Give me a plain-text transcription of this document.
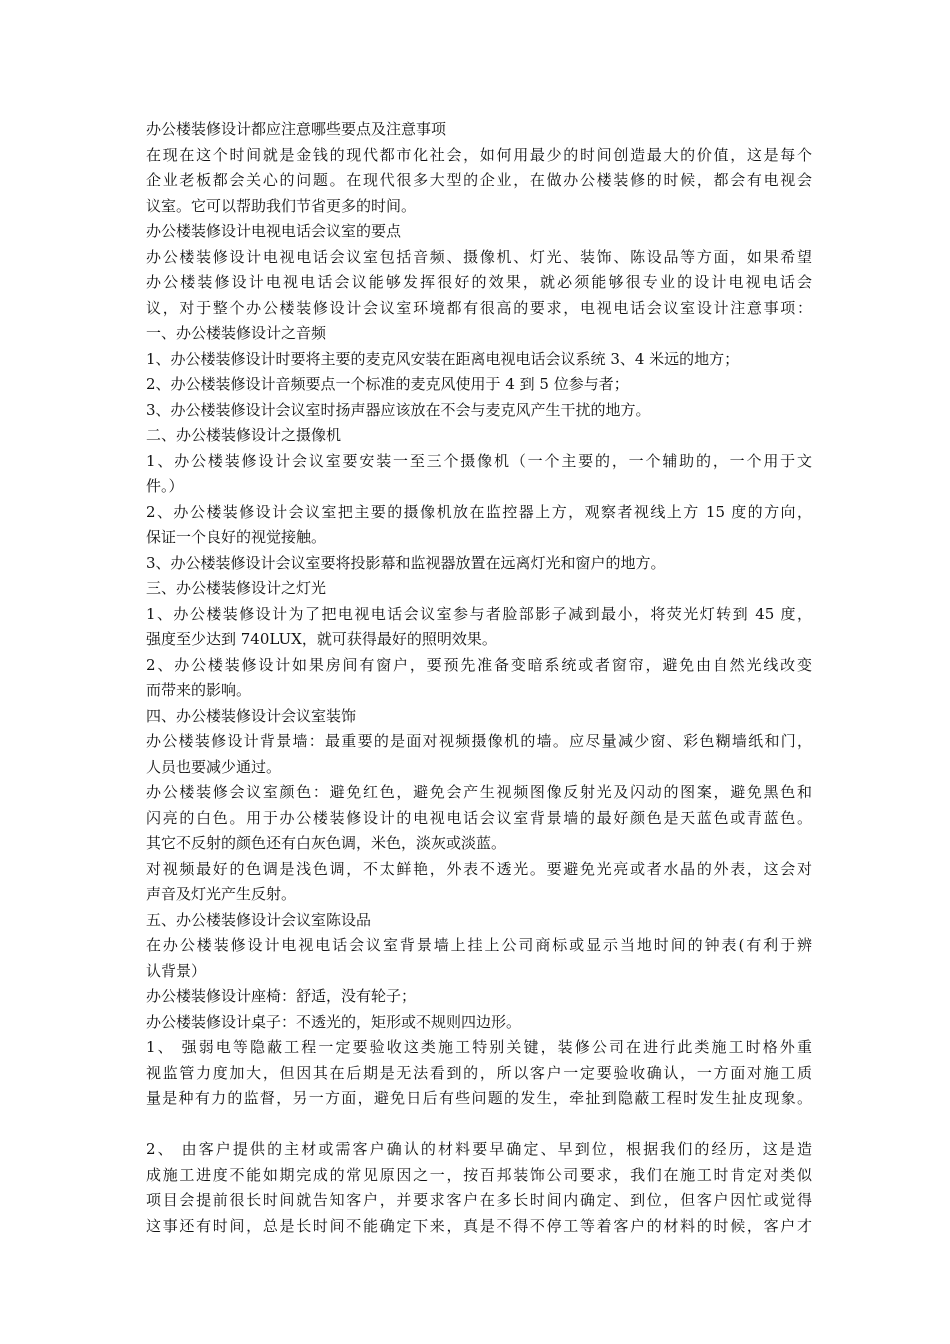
办公楼装修设计都应注意哪些要点及注意事项
在现在这个时间就是金钱的现代都市化社会，如何用最少的时间创造最大的价值，这是每个
企业老板都会关心的问题。在现代很多大型的企业，在做办公楼装修的时候，都会有电视会
议室。它可以帮助我们节省更多的时间。
办公楼装修设计电视电话会议室的要点
办公楼装修设计电视电话会议室包括音频、摄像机、灯光、装饰、陈设品等方面，如果希望
办公楼装修设计电视电话会议能够发挥很好的效果，就必须能够很专业的设计电视电话会
议，对于整个办公楼装修设计会议室环境都有很高的要求，电视电话会议室设计注意事项：
一、办公楼装修设计之音频
1、办公楼装修设计时要将主要的麦克风安装在距离电视电话会议系统 3、4 米远的地方；
2、办公楼装修设计音频要点一个标准的麦克风使用于 4 到 5 位参与者；
3、办公楼装修设计会议室时扬声器应该放在不会与麦克风产生干扰的地方。
二、办公楼装修设计之摄像机
1、办公楼装修设计会议室要安装一至三个摄像机（一个主要的，一个辅助的，一个用于文
件。）
2、办公楼装修设计会议室把主要的摄像机放在监控器上方，观察者视线上方 15 度的方向，
保证一个良好的视觉接触。
3、办公楼装修设计会议室要将投影幕和监视器放置在远离灯光和窗户的地方。
三、办公楼装修设计之灯光
1、办公楼装修设计为了把电视电话会议室参与者脸部影子减到最小，将荧光灯转到 45 度，
强度至少达到 740LUX，就可获得最好的照明效果。
2、办公楼装修设计如果房间有窗户，要预先准备变暗系统或者窗帘，避免由自然光线改变
而带来的影响。
四、办公楼装修设计会议室装饰
办公楼装修设计背景墙：最重要的是面对视频摄像机的墙。应尽量减少窗、彩色糊墙纸和门，
人员也要减少通过。
办公楼装修会议室颜色：避免红色，避免会产生视频图像反射光及闪动的图案，避免黑色和
闪亮的白色。用于办公楼装修设计的电视电话会议室背景墙的最好颜色是天蓝色或青蓝色。
其它不反射的颜色还有白灰色调，米色，淡灰或淡蓝。
对视频最好的色调是浅色调，不太鲜艳，外表不透光。要避免光亮或者水晶的外表，这会对
声音及灯光产生反射。
五、办公楼装修设计会议室陈设品
在办公楼装修设计电视电话会议室背景墙上挂上公司商标或显示当地时间的钟表(有利于辨
认背景）
办公楼装修设计座椅：舒适，没有轮子；
办公楼装修设计桌子：不透光的，矩形或不规则四边形。
1、 强弱电等隐蔽工程一定要验收这类施工特别关键，装修公司在进行此类施工时格外重
视监管力度加大，但因其在后期是无法看到的，所以客户一定要验收确认，一方面对施工质
量是种有力的监督，另一方面，避免日后有些问题的发生，牵扯到隐蔽工程时发生扯皮现象。
2、 由客户提供的主材或需客户确认的材料要早确定、早到位，根据我们的经历，这是造
成施工进度不能如期完成的常见原因之一，按百邦装饰公司要求，我们在施工时肯定对类似
项目会提前很长时间就告知客户，并要求客户在多长时间内确定、到位，但客户因忙或觉得
这事还有时间，总是长时间不能确定下来，真是不得不停工等着客户的材料的时候，客户才
